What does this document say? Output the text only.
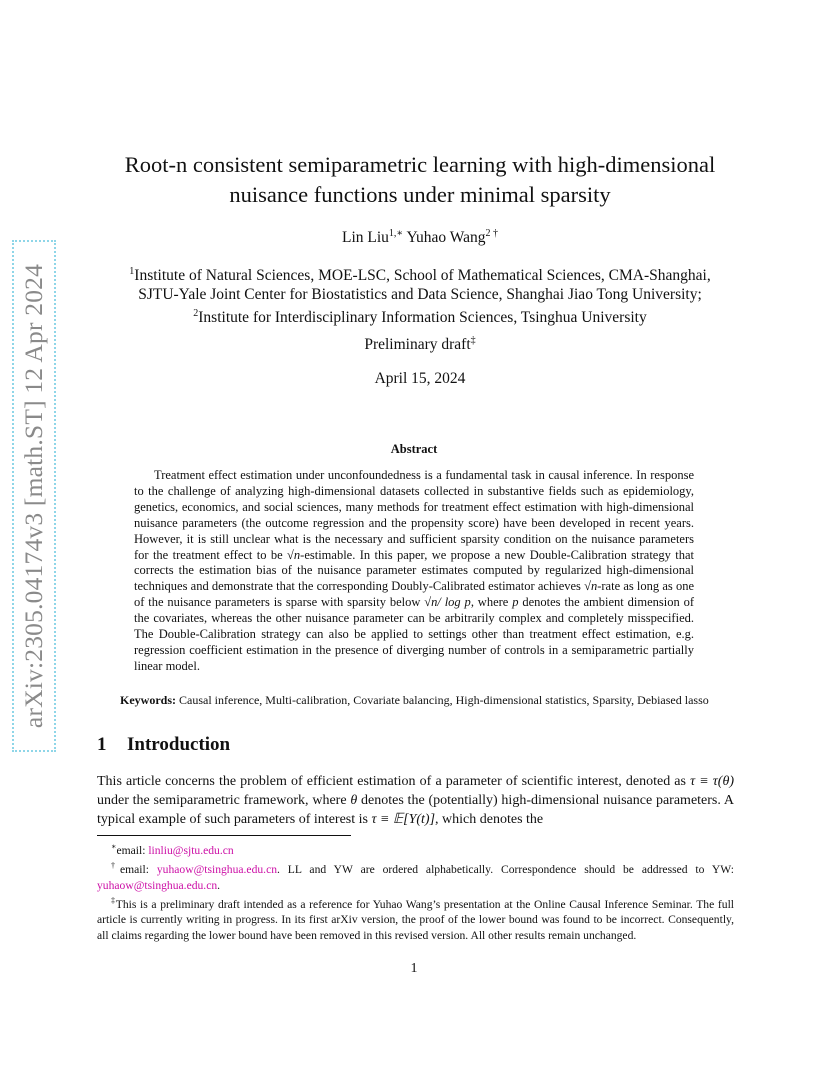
arXiv:2305.04174v3 [math.ST] 12 Apr 2024
Root-n consistent semiparametric learning with high-dimensional
nuisance functions under minimal sparsity
Lin Liu$^{1,∗}$ Yuhao Wang$^{2 \dagger}$
$^1$Institute of Natural Sciences, MOE-LSC, School of Mathematical Sciences, CMA-Shanghai,
SJTU-Yale Joint Center for Biostatistics and Data Science, Shanghai Jiao Tong University;
$^2$Institute for Interdisciplinary Information Sciences, Tsinghua University
Preliminary draft‡
April 15, 2024
Abstract
Treatment effect estimation under unconfoundedness is a fundamental task in causal inference. In response to the challenge of analyzing high-dimensional datasets collected in substantive fields such as epidemiology, genetics, economics, and social sciences, many methods for treatment effect estimation with high-dimensional nuisance parameters (the outcome regression and the propensity score) have been developed in recent years. However, it is still unclear what is the necessary and sufficient sparsity condition on the nuisance parameters for the treatment effect to be √n-estimable. In this paper, we propose a new Double-Calibration strategy that corrects the estimation bias of the nuisance parameter estimates computed by regularized high-dimensional techniques and demonstrate that the corresponding Doubly-Calibrated estimator achieves √n-rate as long as one of the nuisance parameters is sparse with sparsity below √n/ log p, where p denotes the ambient dimension of the covariates, whereas the other nuisance parameter can be arbitrarily complex and completely misspecified. The Double-Calibration strategy can also be applied to settings other than treatment effect estimation, e.g. regression coefficient estimation in the presence of diverging number of controls in a semiparametric partially linear model.
Keywords: Causal inference, Multi-calibration, Covariate balancing, High-dimensional statistics, Sparsity, Debiased lasso
1 Introduction
This article concerns the problem of efficient estimation of a parameter of scientific interest, denoted as τ ≡ τ(θ) under the semiparametric framework, where θ denotes the (potentially) high-dimensional nuisance parameters. A typical example of such parameters of interest is τ ≡ 𝔼[Y(t)], which denotes the

∗email: linliu@sjtu.edu.cn

†email: yuhaow@tsinghua.edu.cn. LL and YW are ordered alphabetically. Correspondence should be addressed to YW: yuhaow@tsinghua.edu.cn.

‡This is a preliminary draft intended as a reference for Yuhao Wang’s presentation at the Online Causal Inference Seminar. The full article is currently writing in progress. In its first arXiv version, the proof of the lower bound was found to be incorrect. Consequently, all claims regarding the lower bound have been removed in this revised version. All other results remain unchanged.

1
